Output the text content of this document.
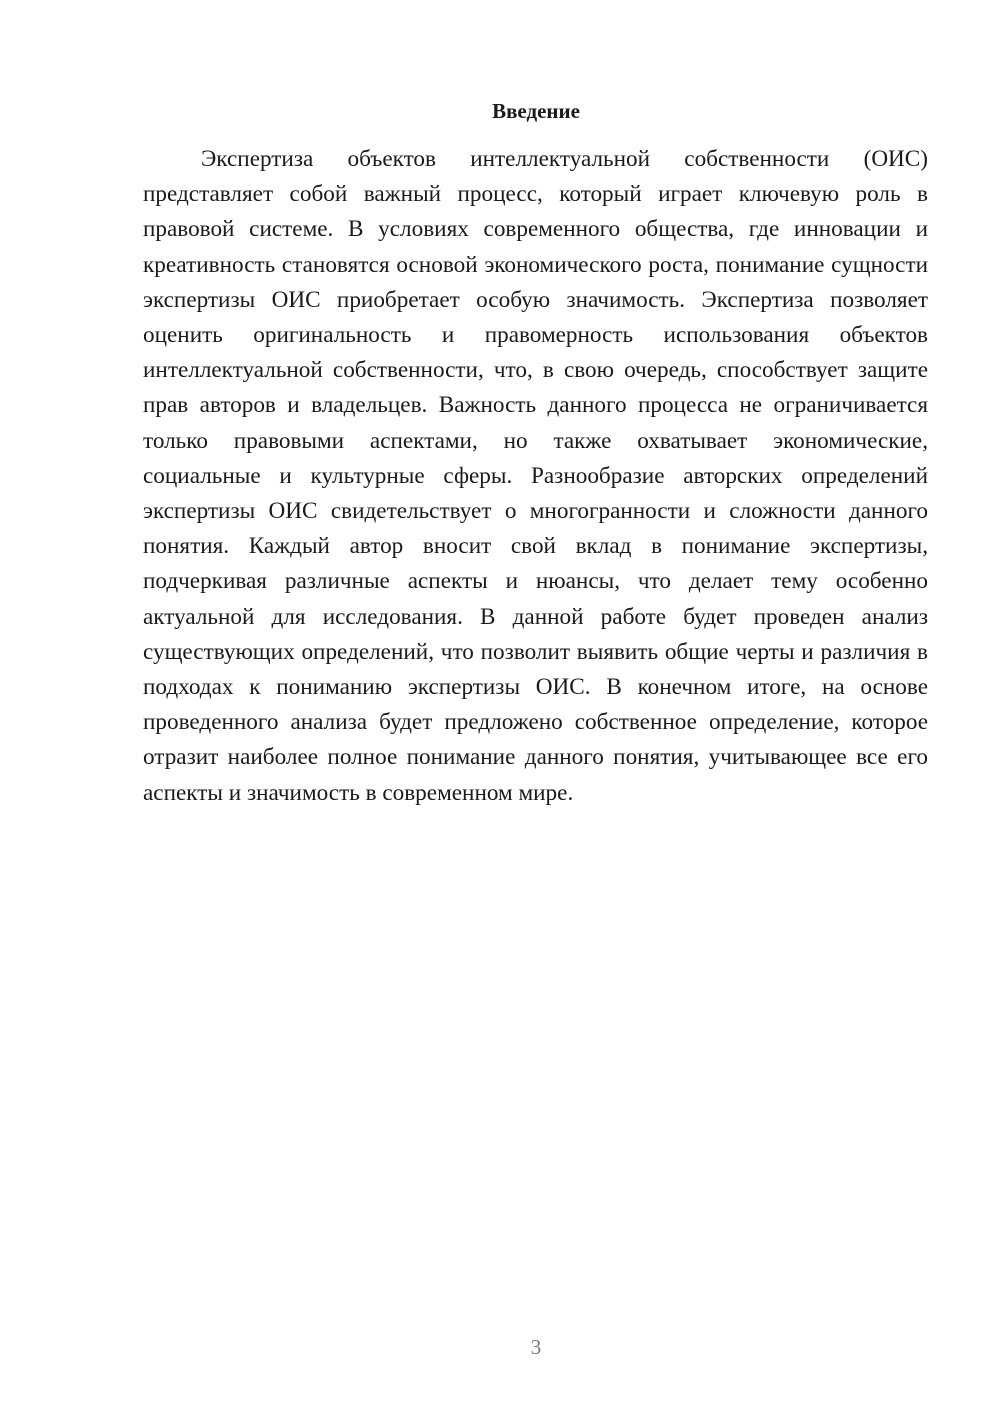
Введение

Экспертиза объектов интеллектуальной собственности (ОИС) представляет собой важный процесс, который играет ключевую роль в правовой системе. В условиях современного общества, где инновации и креативность становятся основой экономического роста, понимание сущности экспертизы ОИС приобретает особую значимость. Экспертиза позволяет оценить оригинальность и правомерность использования объектов интеллектуальной собственности, что, в свою очередь, способствует защите прав авторов и владельцев. Важность данного процесса не ограничивается только правовыми аспектами, но также охватывает экономические, социальные и культурные сферы. Разнообразие авторских определений экспертизы ОИС свидетельствует о многогранности и сложности данного понятия. Каждый автор вносит свой вклад в понимание экспертизы, подчеркивая различные аспекты и нюансы, что делает тему особенно актуальной для исследования. В данной работе будет проведен анализ существующих определений, что позволит выявить общие черты и различия в подходах к пониманию экспертизы ОИС. В конечном итоге, на основе проведенного анализа будет предложено собственное определение, которое отразит наиболее полное понимание данного понятия, учитывающее все его аспекты и значимость в современном мире.

3
